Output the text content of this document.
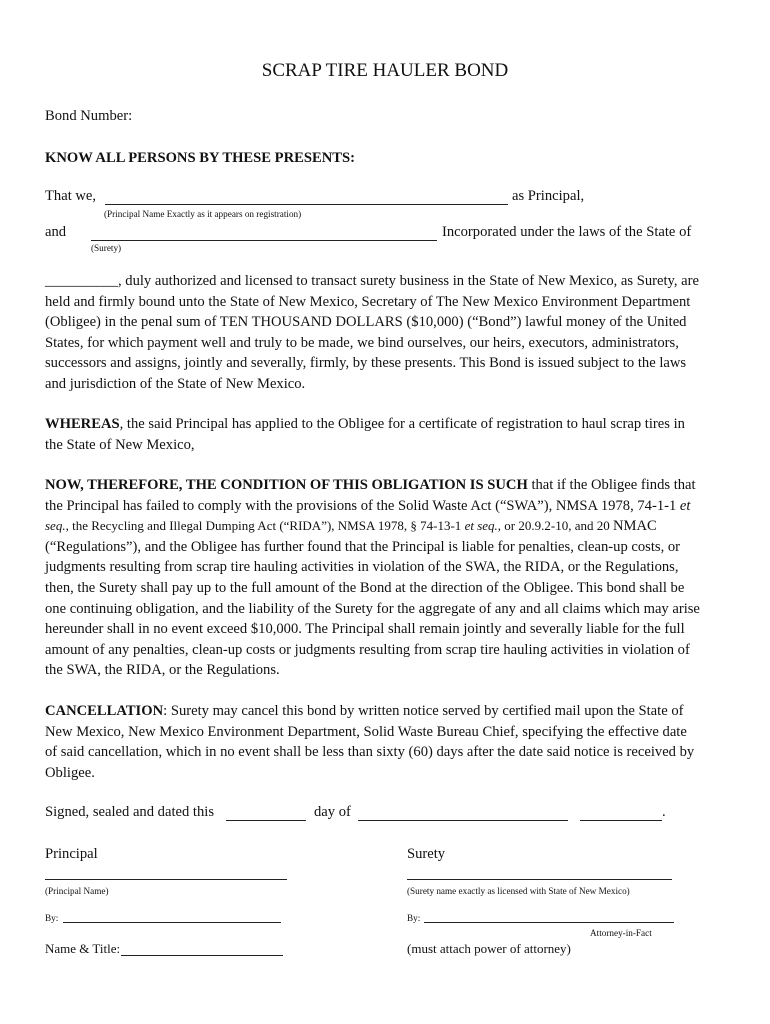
SCRAP TIRE HAULER BOND
Bond Number:
KNOW ALL PERSONS BY THESE PRESENTS:
That we,	as Principal,
(Principal Name Exactly as it appears on registration)
and	Incorporated under the laws of the State of
(Surety)
__________, duly authorized and licensed to transact surety business in the State of New Mexico, as Surety, are
held and firmly bound unto the State of New Mexico, Secretary of The New Mexico Environment Department
(Obligee) in the penal sum of TEN THOUSAND DOLLARS ($10,000) (“Bond”) lawful money of the United
States, for which payment well and truly to be made, we bind ourselves, our heirs, executors, administrators,
successors and assigns, jointly and severally, firmly, by these presents. This Bond is issued subject to the laws
and jurisdiction of the State of New Mexico.
WHEREAS, the said Principal has applied to the Obligee for a certificate of registration to haul scrap tires in
the State of New Mexico,
NOW, THEREFORE, THE CONDITION OF THIS OBLIGATION IS SUCH that if the Obligee finds that
the Principal has failed to comply with the provisions of the Solid Waste Act (“SWA”), NMSA 1978, 74-1-1 et
seq., the Recycling and Illegal Dumping Act (“RIDA”), NMSA 1978, § 74-13-1 et seq., or 20.9.2-10, and 20 NMAC
(“Regulations”), and the Obligee has further found that the Principal is liable for penalties, clean-up costs, or
judgments resulting from scrap tire hauling activities in violation of the SWA, the RIDA, or the Regulations,
then, the Surety shall pay up to the full amount of the Bond at the direction of the Obligee. This bond shall be
one continuing obligation, and the liability of the Surety for the aggregate of any and all claims which may arise
hereunder shall in no event exceed $10,000. The Principal shall remain jointly and severally liable for the full
amount of any penalties, clean-up costs or judgments resulting from scrap tire hauling activities in violation of
the SWA, the RIDA, or the Regulations.
CANCELLATION: Surety may cancel this bond by written notice served by certified mail upon the State of
New Mexico, New Mexico Environment Department, Solid Waste Bureau Chief, specifying the effective date
of said cancellation, which in no event shall be less than sixty (60) days after the date said notice is received by
Obligee.
Signed, sealed and dated this	day of	.
Principal	Surety
(Principal Name)	(Surety name exactly as licensed with State of New Mexico)
By:	By:
Attorney-in-Fact
Name & Title:	(must attach power of attorney)
